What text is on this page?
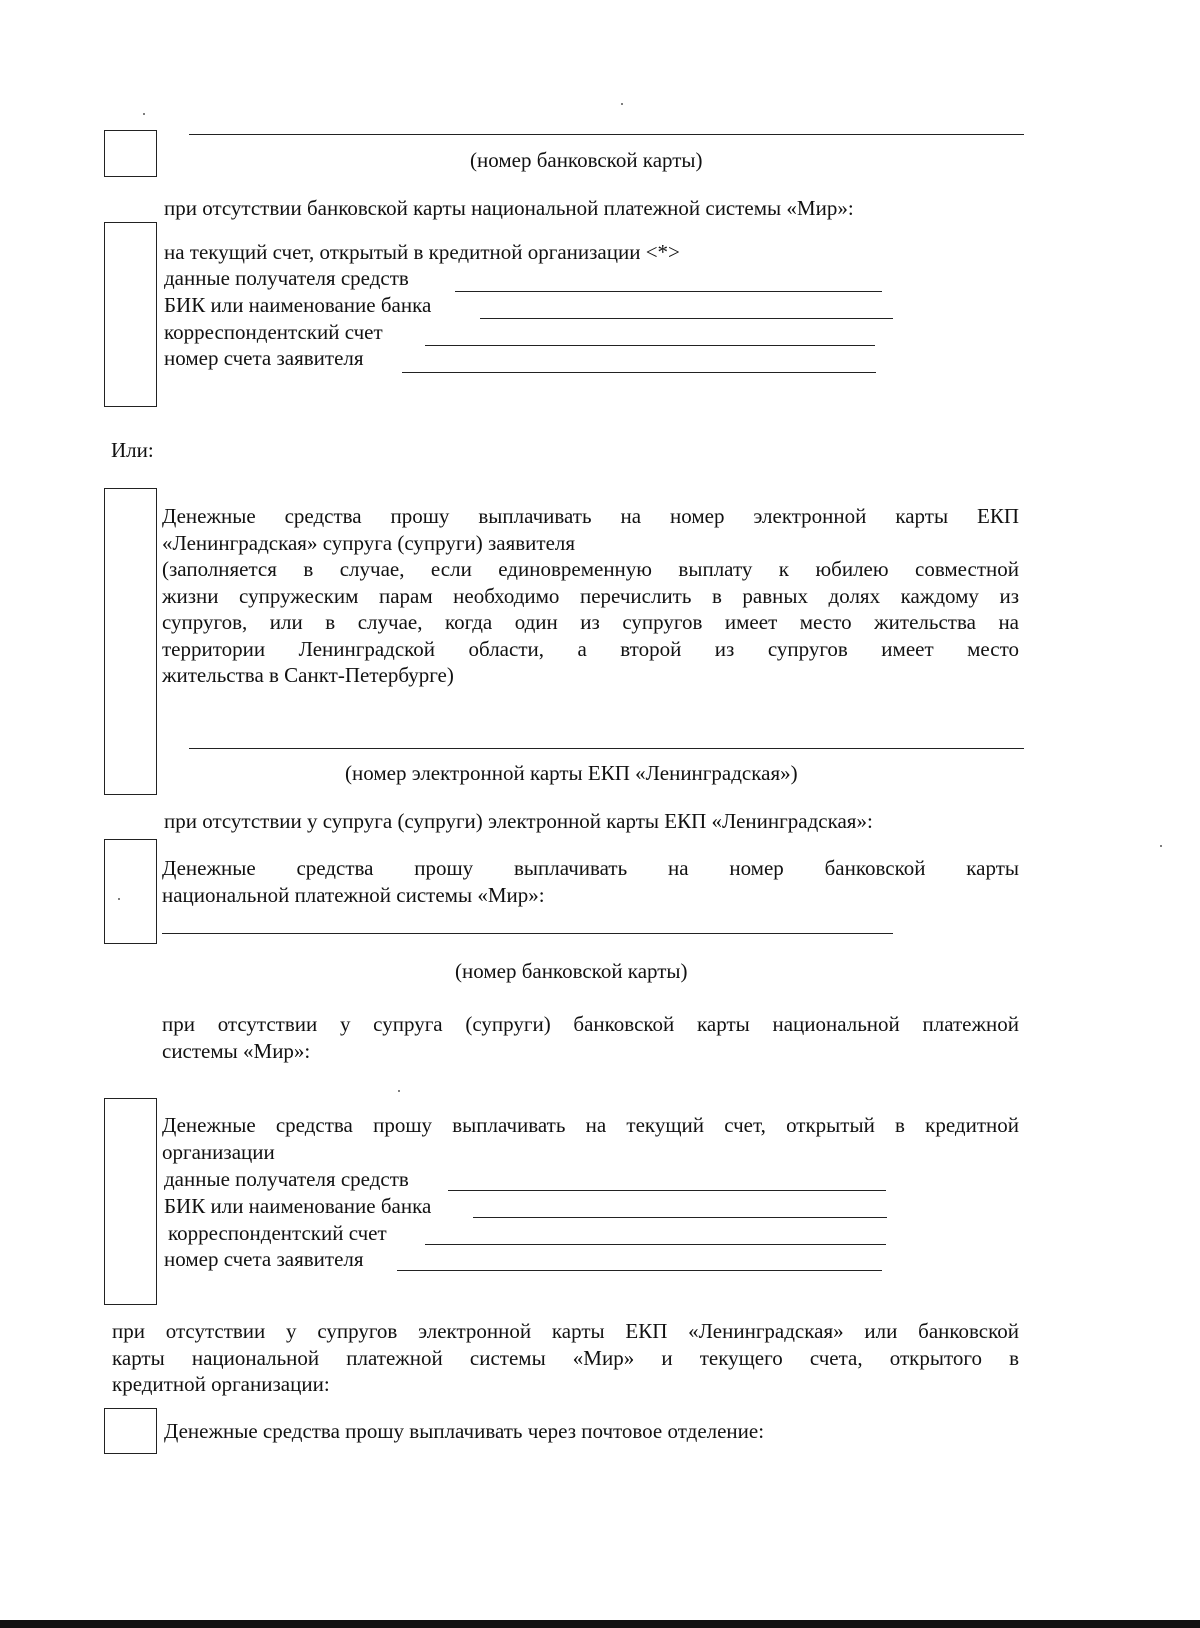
(номер банковской карты)
при отсутствии банковской карты национальной платежной системы «Мир»:
на текущий счет, открытый в кредитной организации <*>
данные получателя средств
БИК или наименование банка
корреспондентский счет
номер счета заявителя
Или:
Денежные средства прошу выплачивать на номер электронной карты ЕКП
«Ленинградская» супруга (супруги) заявителя
(заполняется в случае, если единовременную выплату к юбилею совместной
жизни супружеским парам необходимо перечислить в равных долях каждому из
супругов, или в случае, когда один из супругов имеет место жительства на
территории Ленинградской области, а второй из супругов имеет место
жительства в Санкт-Петербурге)
(номер электронной карты ЕКП «Ленинградская»)
при отсутствии у супруга (супруги) электронной карты ЕКП «Ленинградская»:
Денежные средства прошу выплачивать на номер банковской карты
национальной платежной системы «Мир»:
(номер банковской карты)
при отсутствии у супруга (супруги) банковской карты национальной платежной
системы «Мир»:
Денежные средства прошу выплачивать на текущий счет, открытый в кредитной
организации
данные получателя средств
БИК или наименование банка
корреспондентский счет
номер счета заявителя
при отсутствии у супругов электронной карты ЕКП «Ленинградская» или банковской
карты национальной платежной системы «Мир» и текущего счета, открытого в
кредитной организации:
Денежные средства прошу выплачивать через почтовое отделение:
